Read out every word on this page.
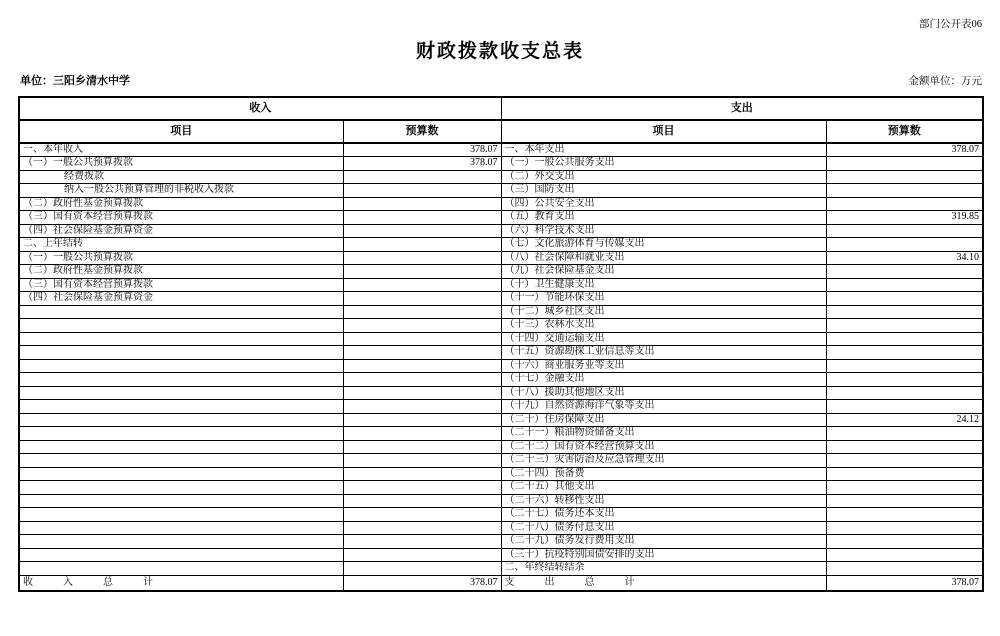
部门公开表06
财政拨款收支总表
单位：三阳乡清水中学	金额单位：万元
收入		支出	
项目	预算数	项目	预算数
一、本年收入	378.07	一、本年支出	378.07
（一）一般公共预算拨款	378.07	（一）一般公共服务支出	
经费拨款		（二）外交支出	
纳入一般公共预算管理的非税收入拨款		（三）国防支出	
（二）政府性基金预算拨款		（四）公共安全支出	
（三）国有资本经营预算拨款		（五）教育支出	319.85
（四）社会保险基金预算资金		（六）科学技术支出	
二、上年结转		（七）文化旅游体育与传媒支出	
（一）一般公共预算拨款		（八）社会保障和就业支出	34.10
（二）政府性基金预算拨款		（九）社会保险基金支出	
（三）国有资本经营预算拨款		（十）卫生健康支出	
（四）社会保险基金预算资金		（十一）节能环保支出	
		（十二）城乡社区支出	
		（十三）农林水支出	
		（十四）交通运输支出	
		（十五）资源勘探工业信息等支出	
		（十六）商业服务业等支出	
		（十七）金融支出	
		（十八）援助其他地区支出	
		（十九）自然资源海洋气象等支出	
		（二十）住房保障支出	24.12
		（二十一）粮油物资储备支出	
		（二十二）国有资本经营预算支出	
		（二十三）灾害防治及应急管理支出	
		（二十四）预备费	
		（二十五）其他支出	
		（二十六）转移性支出	
		（二十七）债务还本支出	
		（二十八）债务付息支出	
		（二十九）债务发行费用支出	
		（三十）抗疫特别国债安排的支出	
		二、年终结转结余	
收　　　入　　　总　　　计	378.07	支　　　出　　　总　　　计	378.07
